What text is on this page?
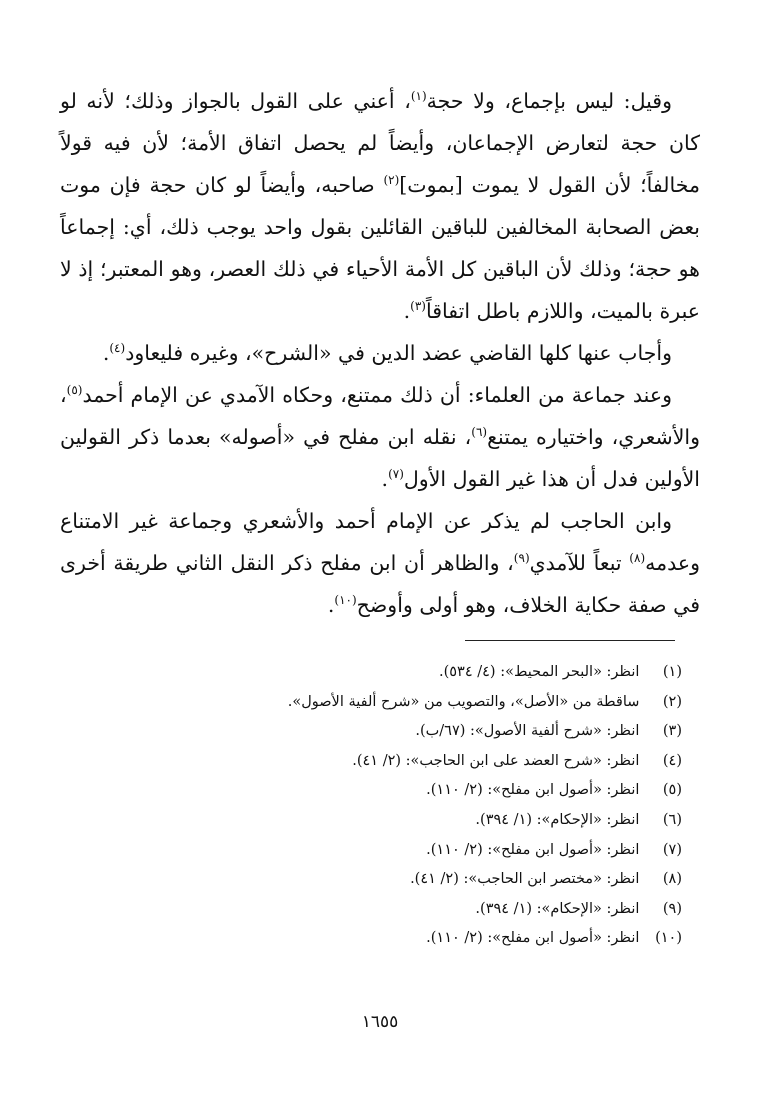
وقيل: ليس بإجماع، ولا حجة$^{(١)}$، أعني على القول بالجواز وذلك؛ لأنه لو كان حجة لتعارض الإجماعان، وأيضاً لم يحصل اتفاق الأمة؛ لأن فيه قولاً مخالفاً؛ لأن القول لا يموت [بموت]$^{(٢)}$ صاحبه، وأيضاً لو كان حجة فإن موت بعض الصحابة المخالفين للباقين القائلين بقول واحد يوجب ذلك، أي: إجماعاً هو حجة؛ وذلك لأن الباقين كل الأمة الأحياء في ذلك العصر، وهو المعتبر؛ إذ لا عبرة بالميت، واللازم باطل اتفاقاً$^{(٣)}$.

وأجاب عنها كلها القاضي عضد الدين في «الشرح»، وغيره فليعاود$^{(٤)}$.

وعند جماعة من العلماء: أن ذلك ممتنع، وحكاه الآمدي عن الإمام أحمد$^{(٥)}$، والأشعري، واختياره يمتنع$^{(٦)}$، نقله ابن مفلح في «أصوله» بعدما ذكر القولين الأولين فدل أن هذا غير القول الأول$^{(٧)}$.

وابن الحاجب لم يذكر عن الإمام أحمد والأشعري وجماعة غير الامتناع وعدمه$^{(٨)}$ تبعاً للآمدي$^{(٩)}$، والظاهر أن ابن مفلح ذكر النقل الثاني طريقة أخرى في صفة حكاية الخلاف، وهو أولى وأوضح$^{(١٠)}$.

(١) انظر: «البحر المحيط»: (٤/ ٥٣٤).
(٢) ساقطة من «الأصل»، والتصويب من «شرح ألفية الأصول».
(٣) انظر: «شرح ألفية الأصول»: (٦٧/ب).
(٤) انظر: «شرح العضد على ابن الحاجب»: (٢/ ٤١).
(٥) انظر: «أصول ابن مفلح»: (٢/ ١١٠).
(٦) انظر: «الإحكام»: (١/ ٣٩٤).
(٧) انظر: «أصول ابن مفلح»: (٢/ ١١٠).
(٨) انظر: «مختصر ابن الحاجب»: (٢/ ٤١).
(٩) انظر: «الإحكام»: (١/ ٣٩٤).
(١٠) انظر: «أصول ابن مفلح»: (٢/ ١١٠).
١٦٥٥
